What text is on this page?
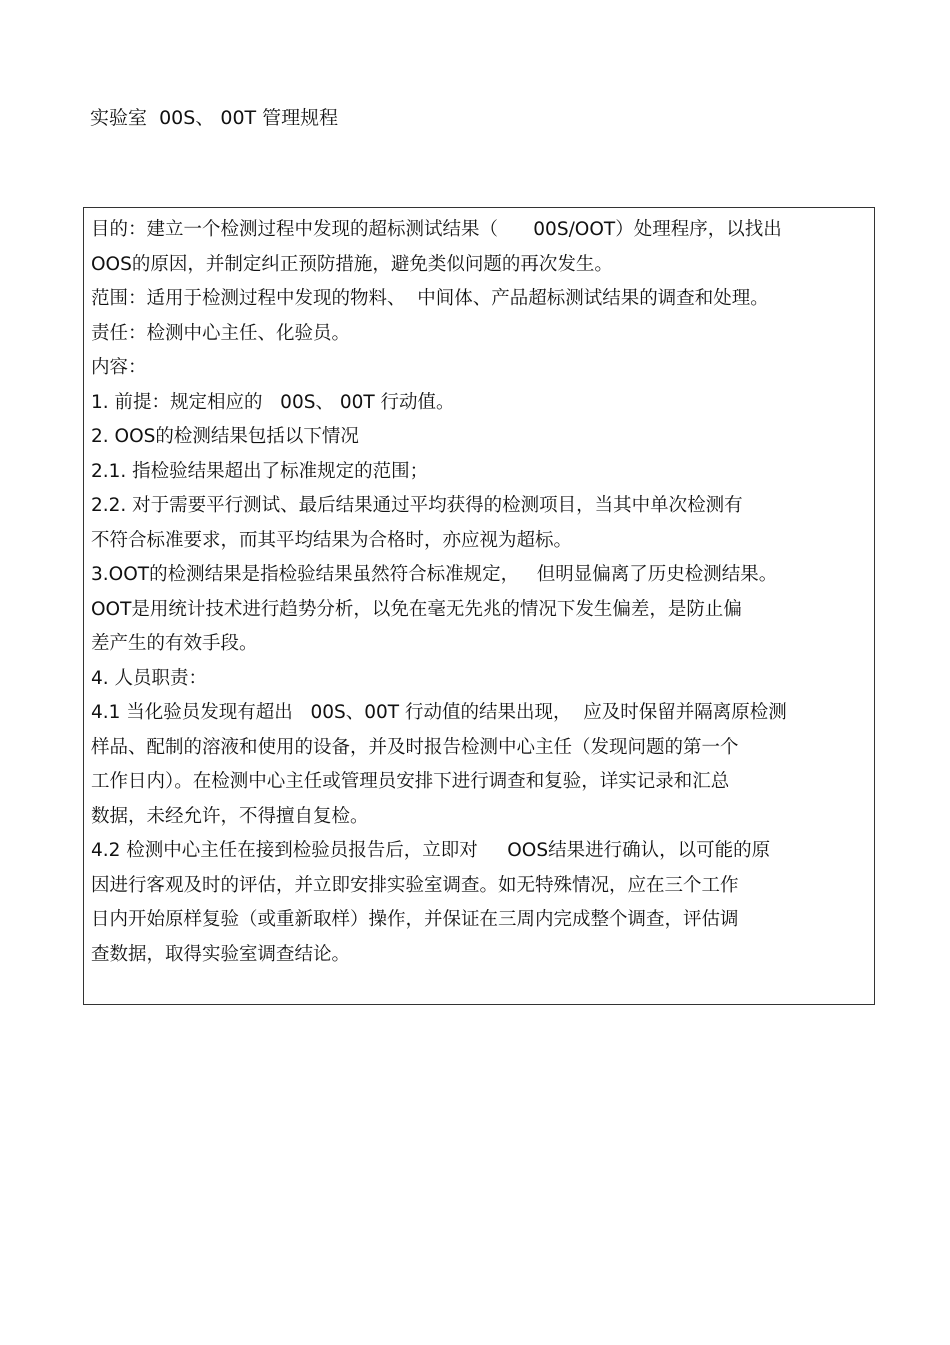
实验室  00S、 00T 管理规程
目的：建立一个检测过程中发现的超标测试结果（      00S/OOT）处理程序，以找出
OOS的原因，并制定纠正预防措施，避免类似问题的再次发生。
范围：适用于检测过程中发现的物料、  中间体、产品超标测试结果的调查和处理。
责任：检测中心主任、化验员。
内容：
1. 前提：规定相应的   00S、 00T 行动值。
2. OOS的检测结果包括以下情况
2.1. 指检验结果超出了标准规定的范围；
2.2. 对于需要平行测试、最后结果通过平均获得的检测项目，当其中单次检测有
不符合标准要求，而其平均结果为合格时，亦应视为超标。
3.OOT的检测结果是指检验结果虽然符合标准规定，   但明显偏离了历史检测结果。
OOT是用统计技术进行趋势分析，以免在毫无先兆的情况下发生偏差，是防止偏
差产生的有效手段。
4. 人员职责：
4.1 当化验员发现有超出   00S、00T 行动值的结果出现，  应及时保留并隔离原检测
样品、配制的溶液和使用的设备，并及时报告检测中心主任（发现问题的第一个
工作日内）。在检测中心主任或管理员安排下进行调查和复验，详实记录和汇总
数据，未经允许，不得擅自复检。
4.2 检测中心主任在接到检验员报告后，立即对     OOS结果进行确认，以可能的原
因进行客观及时的评估，并立即安排实验室调查。如无特殊情况，应在三个工作
日内开始原样复验（或重新取样）操作，并保证在三周内完成整个调查，评估调
查数据，取得实验室调查结论。
